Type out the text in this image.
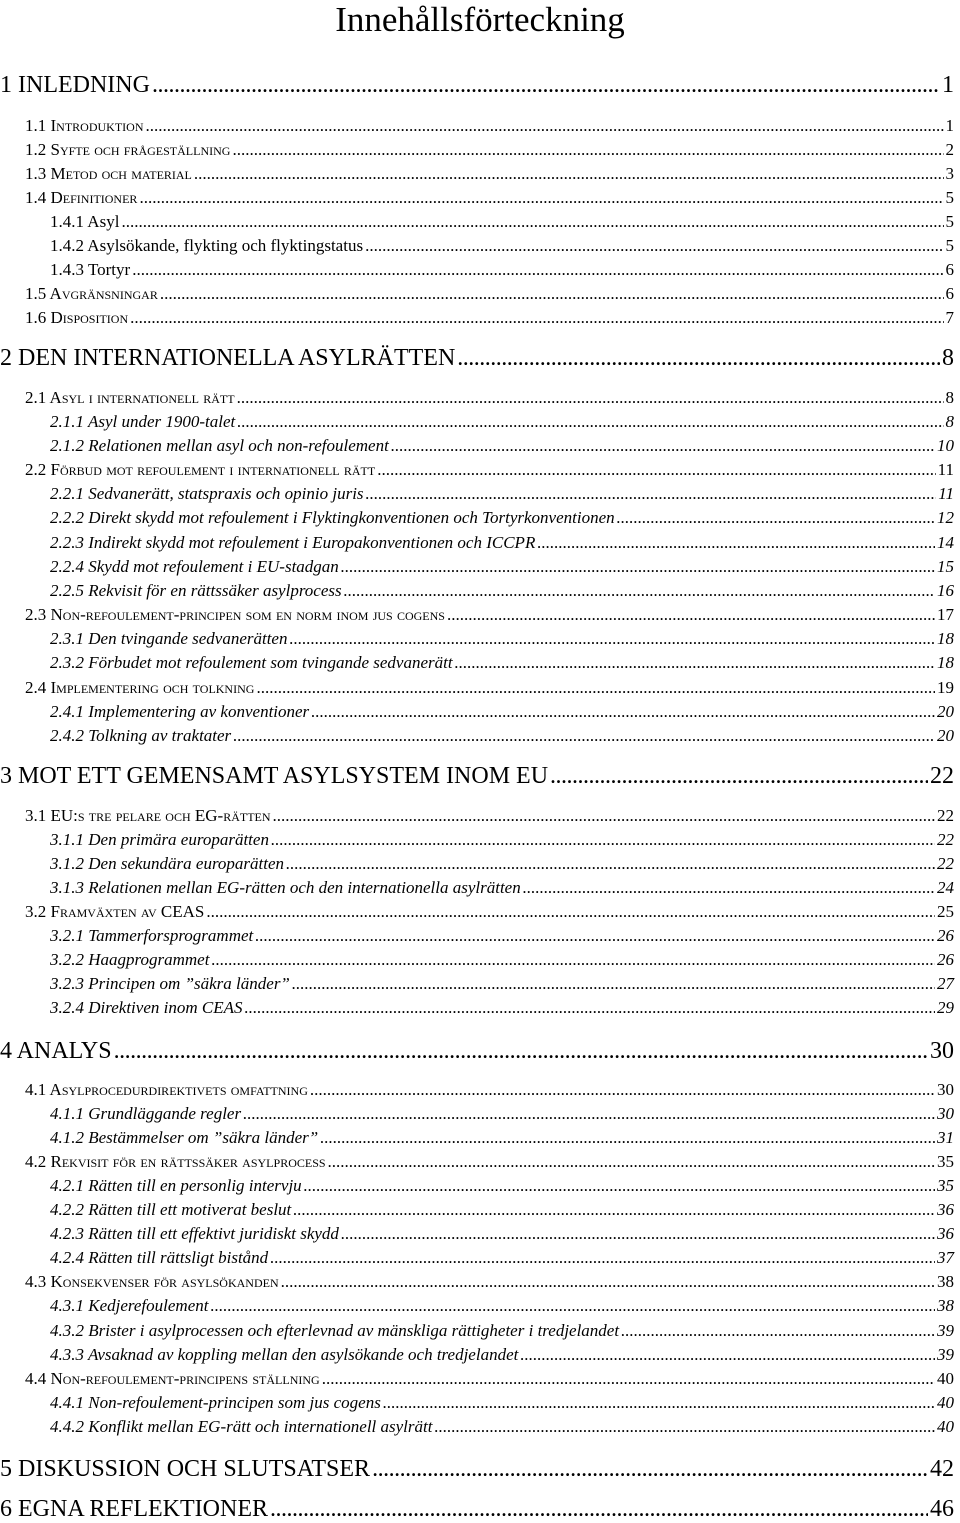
Innehållsförteckning
1 INLEDNING .....	1
1.1 Introduktion .....	1
1.2 Syfte och frågeställning .....	2
1.3 Metod och material .....	3
1.4 Definitioner .....	5
1.4.1 Asyl .....	5
1.4.2 Asylsökande, flykting och flyktingstatus .....	5
1.4.3 Tortyr .....	6
1.5 Avgränsningar .....	6
1.6 Disposition .....	7
2 DEN INTERNATIONELLA ASYLRÄTTEN .....	8
2.1 Asyl i internationell rätt .....	8
2.1.1 Asyl under 1900-talet .....	8
2.1.2 Relationen mellan asyl och non-refoulement .....	10
2.2 Förbud mot refoulement i internationell rätt .....	11
2.2.1 Sedvanerätt, statspraxis och opinio juris .....	11
2.2.2 Direkt skydd mot refoulement i Flyktingkonventionen och Tortyrkonventionen .....	12
2.2.3 Indirekt skydd mot refoulement i Europakonventionen och ICCPR .....	14
2.2.4 Skydd mot refoulement i EU-stadgan .....	15
2.2.5 Rekvisit för en rättssäker asylprocess .....	16
2.3 Non-refoulement-principen som en norm inom jus cogens .....	17
2.3.1 Den tvingande sedvanerätten .....	18
2.3.2 Förbudet mot refoulement som tvingande sedvanerätt .....	18
2.4 Implementering och tolkning .....	19
2.4.1 Implementering av konventioner .....	20
2.4.2 Tolkning av traktater .....	20
3 MOT ETT GEMENSAMT ASYLSYSTEM INOM EU .....	22
3.1 EU:s tre pelare och EG-rätten .....	22
3.1.1 Den primära europarätten .....	22
3.1.2 Den sekundära europarätten .....	22
3.1.3 Relationen mellan EG-rätten och den internationella asylrätten .....	24
3.2 Framväxten av CEAS .....	25
3.2.1 Tammerforsprogrammet .....	26
3.2.2 Haagprogrammet .....	26
3.2.3 Principen om ”säkra länder” .....	27
3.2.4 Direktiven inom CEAS .....	29
4 ANALYS .....	30
4.1 Asylprocedurdirektivets omfattning .....	30
4.1.1 Grundläggande regler .....	30
4.1.2 Bestämmelser om ”säkra länder” .....	31
4.2 Rekvisit för en rättssäker asylprocess .....	35
4.2.1 Rätten till en personlig intervju .....	35
4.2.2 Rätten till ett motiverat beslut .....	36
4.2.3 Rätten till ett effektivt juridiskt skydd .....	36
4.2.4 Rätten till rättsligt bistånd .....	37
4.3 Konsekvenser för asylsökanden .....	38
4.3.1 Kedjerefoulement .....	38
4.3.2 Brister i asylprocessen och efterlevnad av mänskliga rättigheter i tredjelandet .....	39
4.3.3 Avsaknad av koppling mellan den asylsökande och tredjelandet .....	39
4.4 Non-refoulement-principens ställning .....	40
4.4.1 Non-refoulement-principen som jus cogens .....	40
4.4.2 Konflikt mellan EG-rätt och internationell asylrätt .....	40
5 DISKUSSION OCH SLUTSATSER .....	42
6 EGNA REFLEKTIONER .....	46
